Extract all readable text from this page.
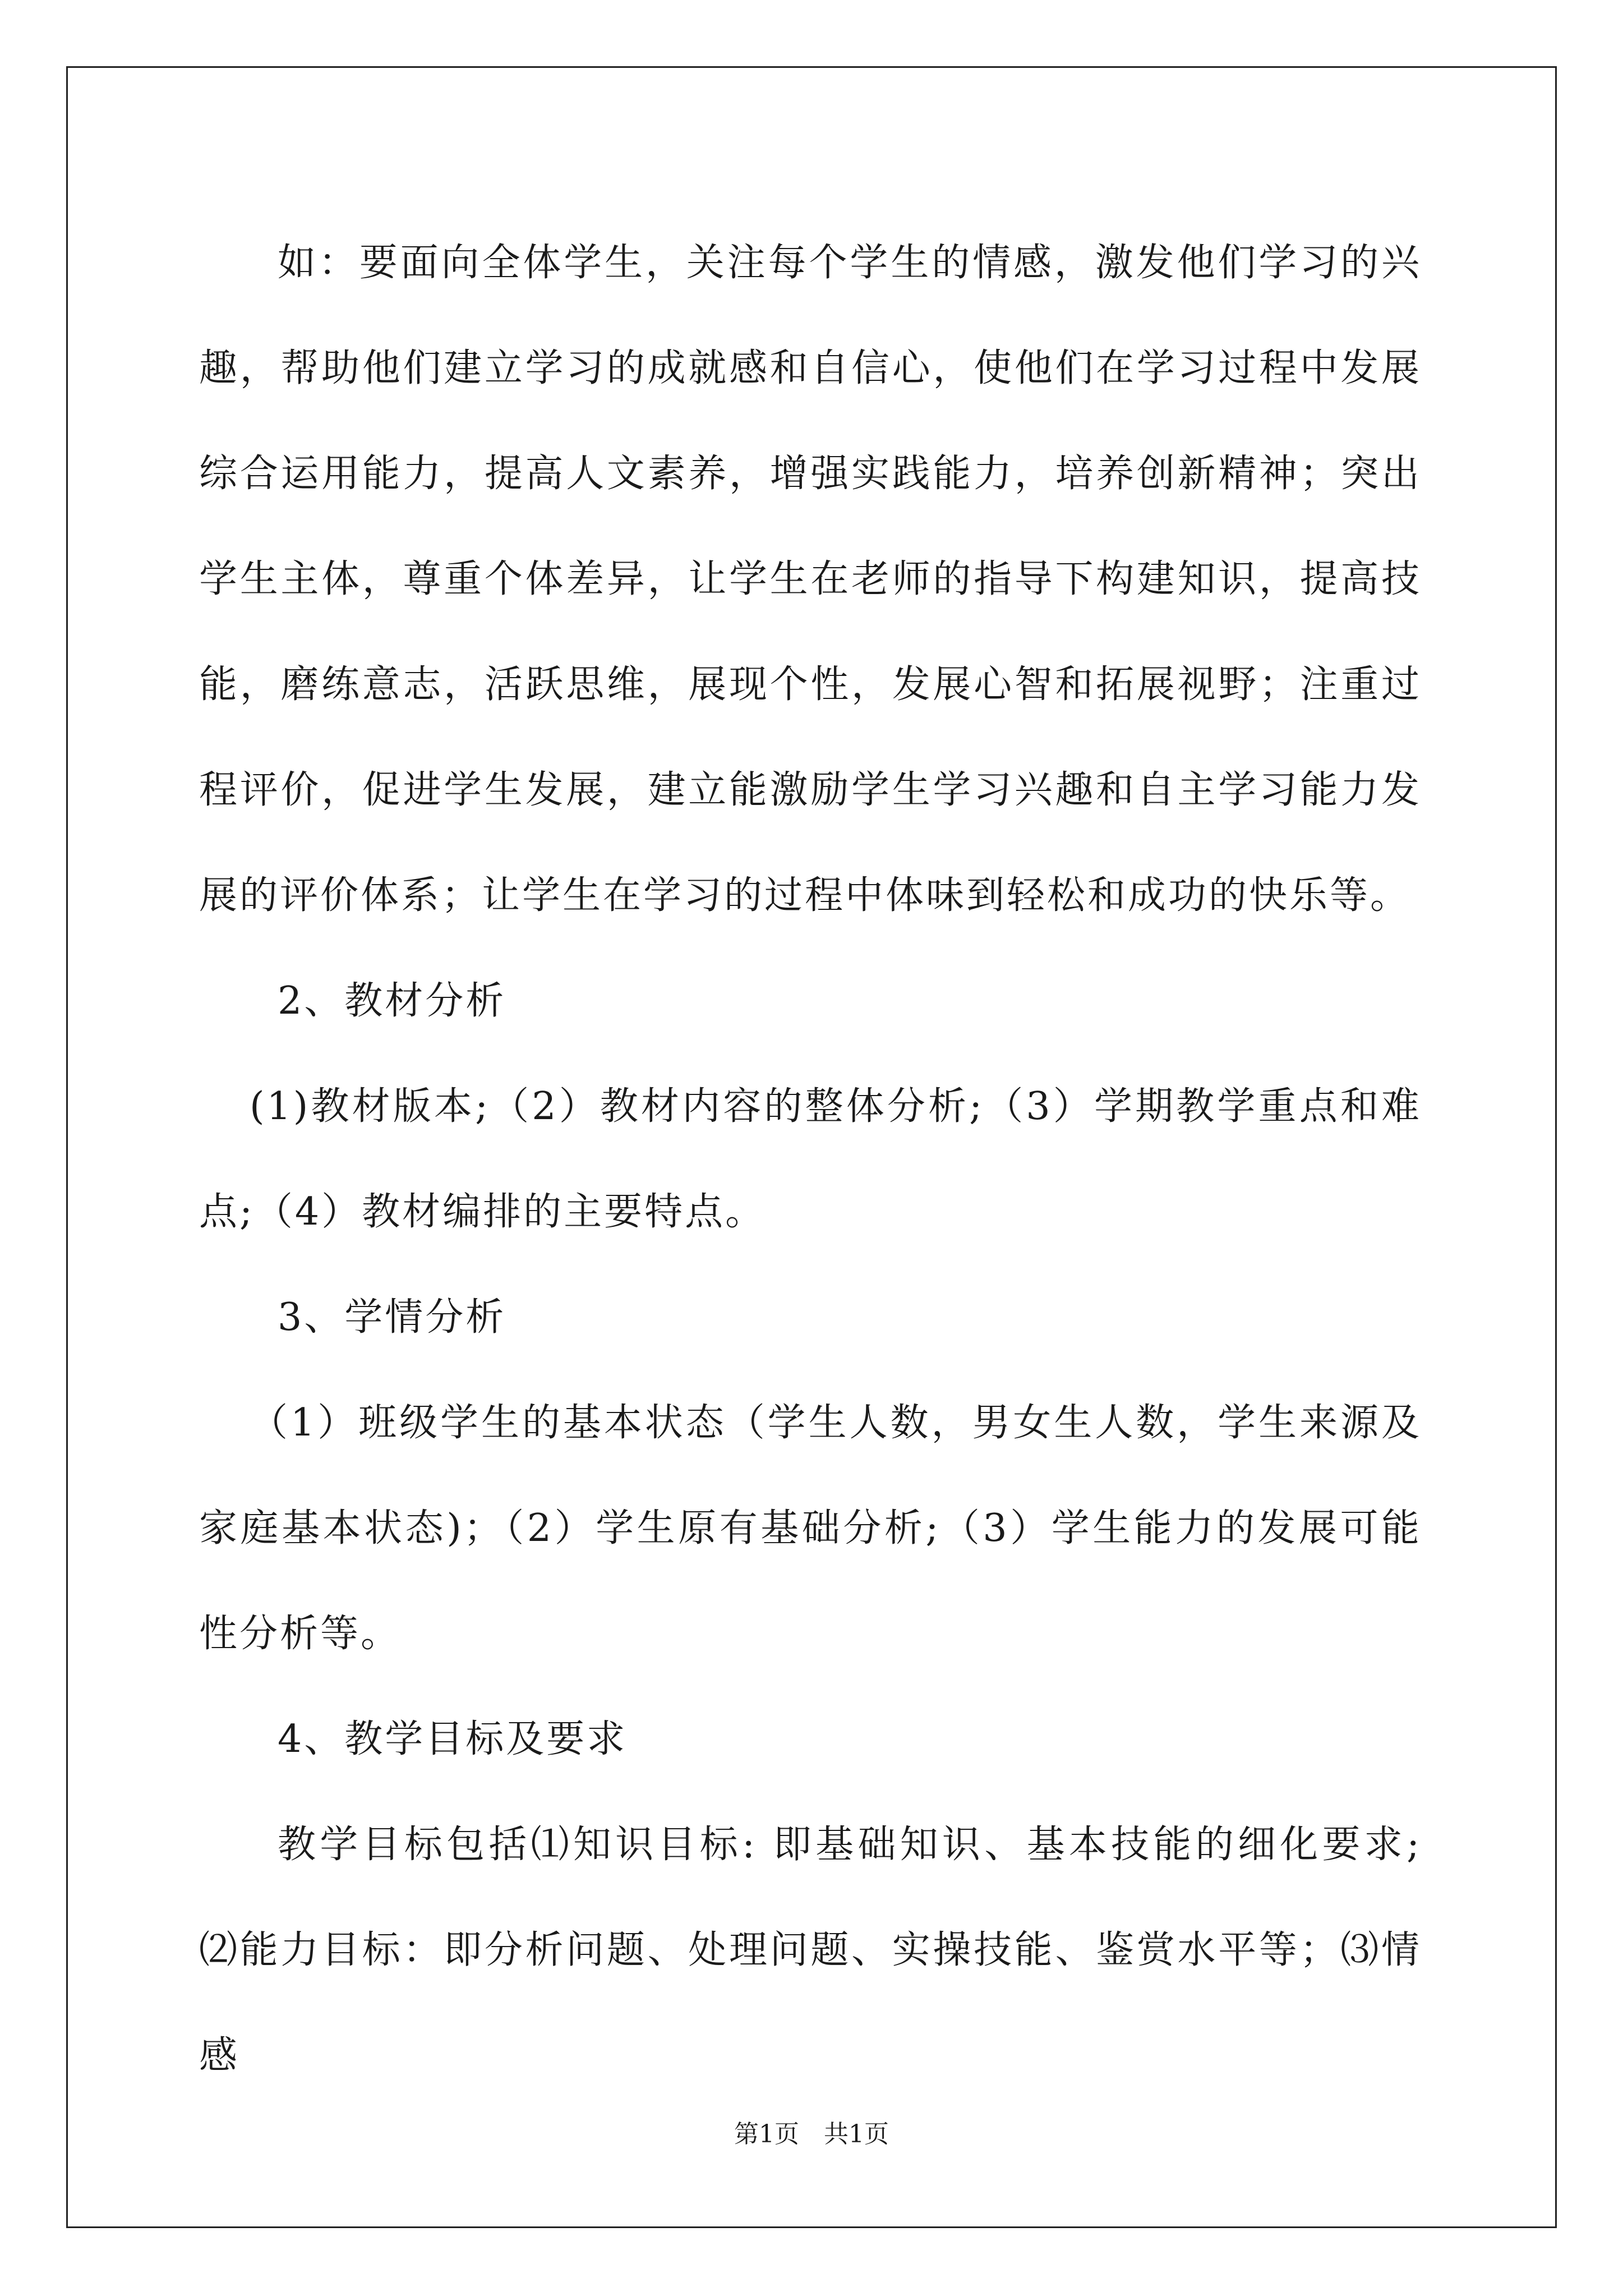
如：要面向全体学生，关注每个学生的情感，激发他们学习的兴趣，帮助他们建立学习的成就感和自信心，使他们在学习过程中发展综合运用能力，提高人文素养，增强实践能力，培养创新精神；突出学生主体，尊重个体差异，让学生在老师的指导下构建知识，提高技能，磨练意志，活跃思维，展现个性，发展心智和拓展视野；注重过程评价，促进学生发展，建立能激励学生学习兴趣和自主学习能力发展的评价体系；让学生在学习的过程中体味到轻松和成功的快乐等。

2、教材分析

(1)教材版本;（2）教材内容的整体分析;（3）学期教学重点和难点;（4）教材编排的主要特点。

3、学情分析

（1）班级学生的基本状态（学生人数，男女生人数，学生来源及家庭基本状态)；（2）学生原有基础分析;（3）学生能力的发展可能性分析等。

4、教学目标及要求

教学目标包括⑴知识目标: 即基础知识、基本技能的细化要求; ⑵能力目标：即分析问题、处理问题、实操技能、鉴赏水平等；⑶情感

第1页　共1页
